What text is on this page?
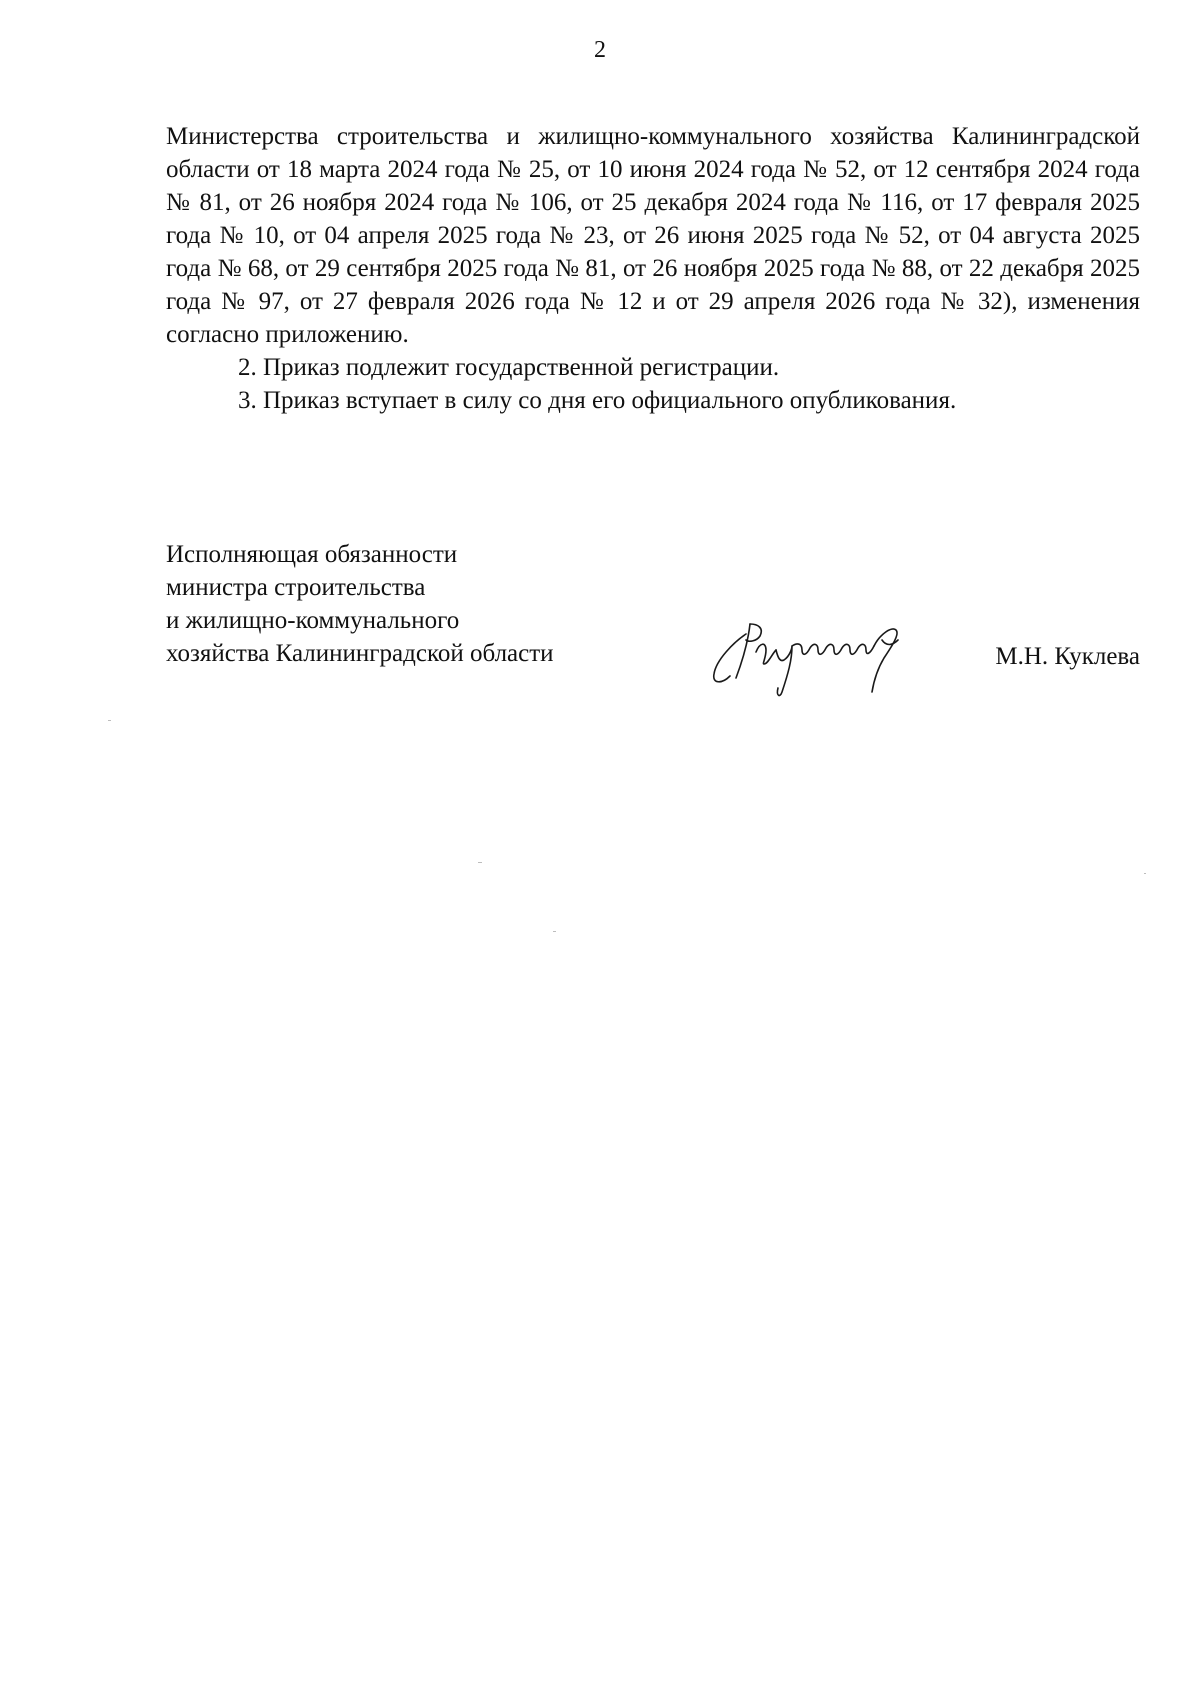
2

Министерства строительства и жилищно-коммунального хозяйства Калининградской области от 18 марта 2024 года № 25, от 10 июня 2024 года № 52, от 12 сентября 2024 года № 81, от 26 ноября 2024 года № 106, от 25 декабря 2024 года № 116, от 17 февраля 2025 года № 10, от 04 апреля 2025 года № 23, от 26 июня 2025 года № 52, от 04 августа 2025 года № 68, от 29 сентября 2025 года № 81, от 26 ноября 2025 года № 88, от 22 декабря 2025 года № 97, от 27 февраля 2026 года № 12 и от 29 апреля 2026 года № 32), изменения согласно приложению.

2. Приказ подлежит государственной регистрации.

3. Приказ вступает в силу со дня его официального опубликования.

Исполняющая обязанности
министра строительства
и жилищно-коммунального
хозяйства Калининградской области	М.Н. Куклева
